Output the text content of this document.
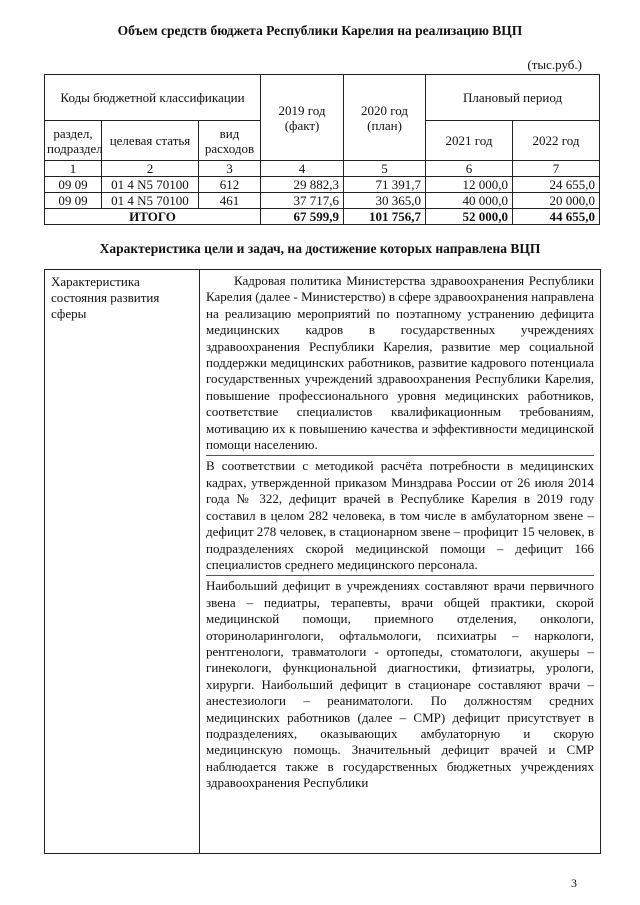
Объем средств бюджета Республики Карелия на реализацию ВЦП
(тыс.руб.)
Коды бюджетной классификации			2019 год (факт)	2020 год (план)	Плановый период	
раздел, подраздел	целевая статья	вид расходов			2021 год	2022 год
1	2	3	4	5	6	7
09 09	01 4 N5 70100	612	29 882,3	71 391,7	12 000,0	24 655,0
09 09	01 4 N5 70100	461	37 717,6	30 365,0	40 000,0	20 000,0
ИТОГО			67 599,9	101 756,7	52 000,0	44 655,0
Характеристика цели и задач, на достижение которых направлена ВЦП
Характеристика состояния развития сферы	

Кадровая политика Министерства здравоохранения Республики Карелия (далее - Министерство) в сфере здравоохранения направлена на реализацию мероприятий по поэтапному устранению дефицита медицинских кадров в государственных учреждениях здравоохранения Республики Карелия, развитие мер социальной поддержки медицинских работников, развитие кадрового потенциала государственных учреждений здравоохранения Республики Карелия, повышение профессионального уровня медицинских работников, соответствие специалистов квалификационным требованиям, мотивацию их к повышению качества и эффективности медицинской помощи населению.

В соответствии с методикой расчёта потребности в медицинских кадрах, утвержденной приказом Минздрава России от 26 июля 2014 года № 322, дефицит врачей в Республике Карелия в 2019 году составил в целом 282 человека, в том числе в амбулаторном звене – дефицит 278 человек, в стационарном звене – профицит 15 человек, в подразделениях скорой медицинской помощи – дефицит 166 специалистов среднего медицинского персонала.

Наибольший дефицит в учреждениях составляют врачи первичного звена – педиатры, терапевты, врачи общей практики, скорой медицинской помощи, приемного отделения, онкологи, оториноларингологи, офтальмологи, психиатры – наркологи, рентгенологи, травматологи - ортопеды, стоматологи, акушеры – гинекологи, функциональной диагностики, фтизиатры, урологи, хирурги. Наибольший дефицит в стационаре составляют врачи – анестезиологи – реаниматологи. По должностям средних медицинских работников (далее – СМР) дефицит присутствует в подразделениях, оказывающих амбулаторную и скорую медицинскую помощь. Значительный дефицит врачей и СМР наблюдается также в государственных бюджетных учреждениях здравоохранения Республики

3
